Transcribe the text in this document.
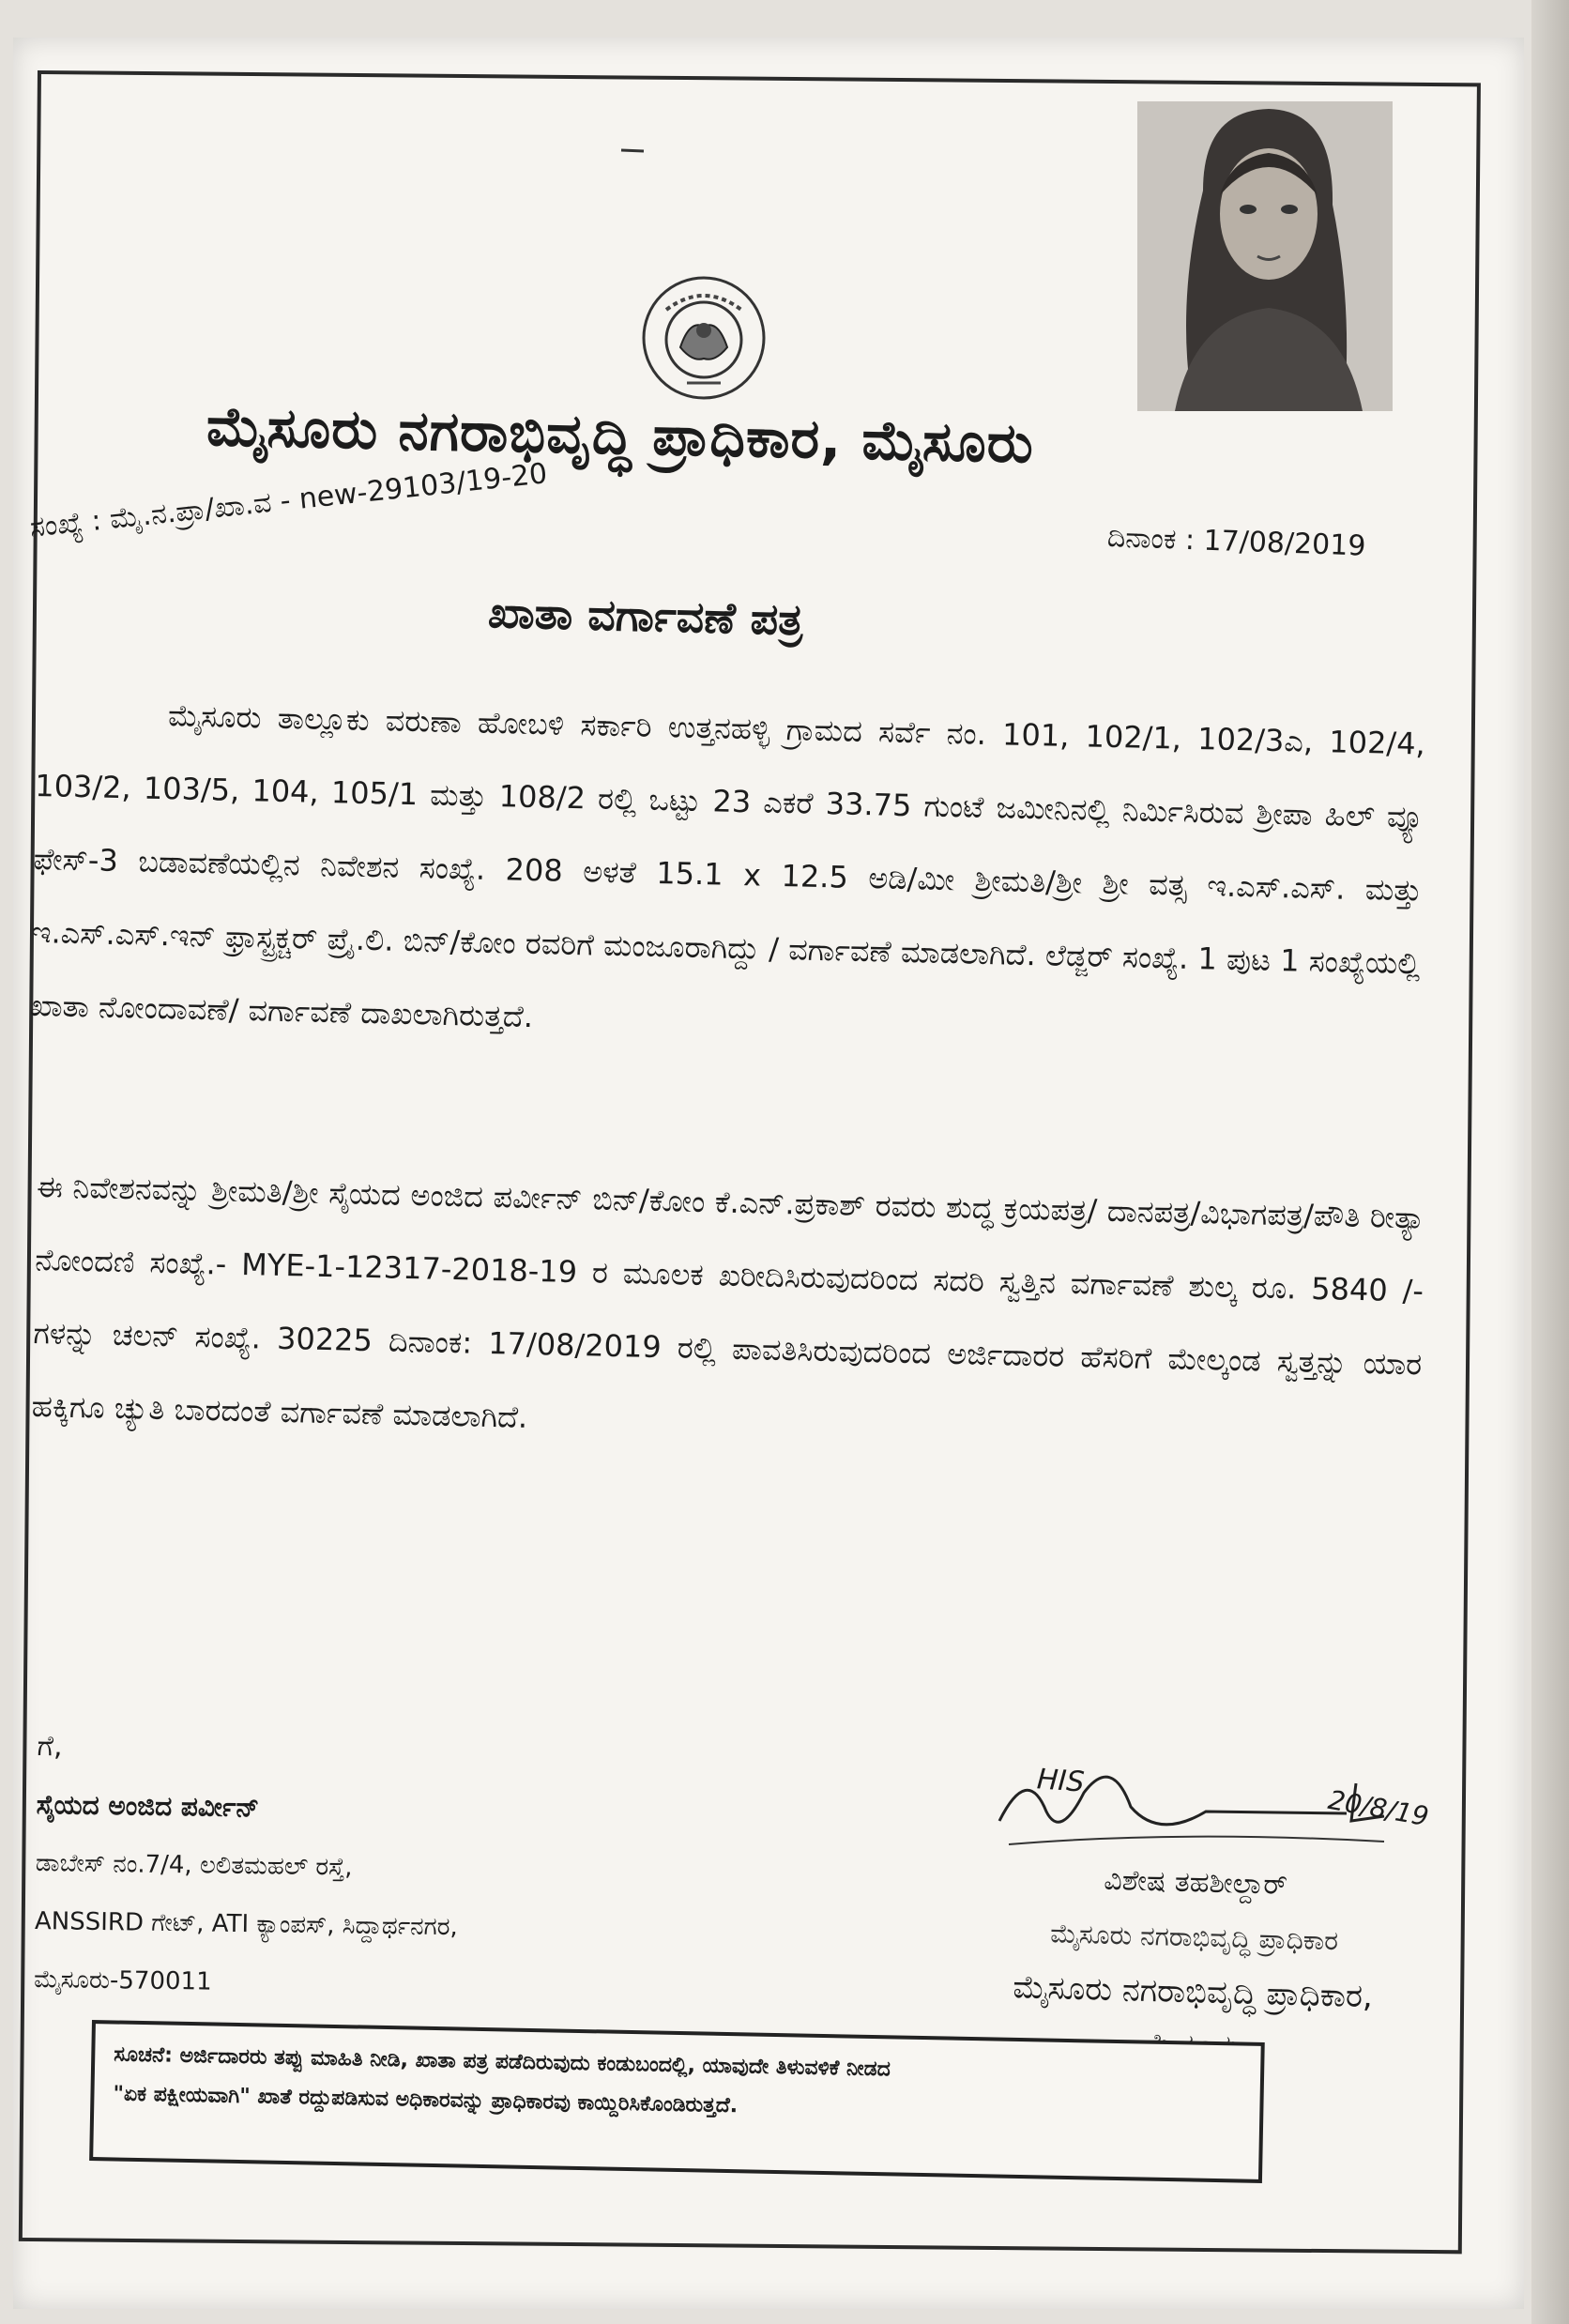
ಮೈಸೂರು ನಗರಾಭಿವೃದ್ಧಿ ಪ್ರಾಧಿಕಾರ, ಮೈಸೂರು
ಸಂಖ್ಯೆ : ಮೈ.ನ.ಪ್ರಾ/ಖಾ.ವ - new-29103/19-20	ದಿನಾಂಕ : 17/08/2019
ಖಾತಾ ವರ್ಗಾವಣೆ ಪತ್ರ
ಮೈಸೂರು ತಾಲ್ಲೂಕು ವರುಣಾ ಹೋಬಳಿ ಸರ್ಕಾರಿ ಉತ್ತನಹಳ್ಳಿ ಗ್ರಾಮದ ಸರ್ವೆ ನಂ. 101, 102/1, 102/3ಎ, 102/4, 103/2, 103/5, 104, 105/1 ಮತ್ತು 108/2 ರಲ್ಲಿ ಒಟ್ಟು 23 ಎಕರೆ 33.75 ಗುಂಟೆ ಜಮೀನಿನಲ್ಲಿ ನಿರ್ಮಿಸಿರುವ ಶ್ರೀಪಾ ಹಿಲ್ ವ್ಯೂ ಫೇಸ್-3 ಬಡಾವಣೆಯಲ್ಲಿನ ನಿವೇಶನ ಸಂಖ್ಯೆ. 208 ಅಳತೆ 15.1 x 12.5 ಅಡಿ/ಮೀ ಶ್ರೀಮತಿ/ಶ್ರೀ ಶ್ರೀ ವತ್ಸ ಇ.ಎಸ್.ಎಸ್. ಮತ್ತು ಇ.ಎಸ್.ಎಸ್.ಇನ್ ಫ್ರಾಸ್ಟ್ರಕ್ಚರ್ ಪ್ರೈ.ಲಿ. ಬಿನ್/ಕೋಂ ರವರಿಗೆ ಮಂಜೂರಾಗಿದ್ದು / ವರ್ಗಾವಣೆ ಮಾಡಲಾಗಿದೆ. ಲೆಡ್ಜರ್ ಸಂಖ್ಯೆ. 1 ಪುಟ 1 ಸಂಖ್ಯೆಯಲ್ಲಿ ಖಾತಾ ನೋಂದಾವಣೆ/ ವರ್ಗಾವಣೆ ದಾಖಲಾಗಿರುತ್ತದೆ.
ಈ ನಿವೇಶನವನ್ನು ಶ್ರೀಮತಿ/ಶ್ರೀ ಸೈಯದ ಅಂಜಿದ ಪರ್ವೀನ್ ಬಿನ್/ಕೋಂ ಕೆ.ಎನ್.ಪ್ರಕಾಶ್ ರವರು ಶುದ್ಧ ಕ್ರಯಪತ್ರ/ ದಾನಪತ್ರ/ವಿಭಾಗಪತ್ರ/ಪೌತಿ ರೀತ್ಯಾ ನೋಂದಣಿ ಸಂಖ್ಯೆ.- MYE-1-12317-2018-19 ರ ಮೂಲಕ ಖರೀದಿಸಿರುವುದರಿಂದ ಸದರಿ ಸ್ವತ್ತಿನ ವರ್ಗಾವಣೆ ಶುಲ್ಕ ರೂ. 5840 /- ಗಳನ್ನು ಚಲನ್ ಸಂಖ್ಯೆ. 30225 ದಿನಾಂಕ: 17/08/2019 ರಲ್ಲಿ ಪಾವತಿಸಿರುವುದರಿಂದ ಅರ್ಜಿದಾರರ ಹೆಸರಿಗೆ ಮೇಲ್ಕಂಡ ಸ್ವತ್ತನ್ನು ಯಾರ ಹಕ್ಕಿಗೂ ಚ್ಯುತಿ ಬಾರದಂತೆ ವರ್ಗಾವಣೆ ಮಾಡಲಾಗಿದೆ.
ಗೆ,
ಸೈಯದ ಅಂಜಿದ ಪರ್ವೀನ್
ಡಾಬೇಸ್ ನಂ.7/4, ಲಲಿತಮಹಲ್ ರಸ್ತೆ,
ANSSIRD ಗೇಟ್, ATI ಕ್ಯಾಂಪಸ್, ಸಿದ್ದಾರ್ಥನಗರ,
ಮೈಸೂರು-570011
HIS
20/8/19
ವಿಶೇಷ ತಹಶೀಲ್ದಾರ್
ಮೈಸೂರು ನಗರಾಭಿವೃದ್ಧಿ ಪ್ರಾಧಿಕಾರ
ಮೈಸೂರು ನಗರಾಭಿವೃದ್ಧಿ ಪ್ರಾಧಿಕಾರ,
ಸೂಚನೆ: ಅರ್ಜಿದಾರರು ತಪ್ಪು ಮಾಹಿತಿ ನೀಡಿ, ಖಾತಾ ಪತ್ರ ಪಡೆದಿರುವುದು ಕಂಡುಬಂದಲ್ಲಿ, ಯಾವುದೇ ತಿಳುವಳಿಕೆ ನೀಡದ
"ಏಕ ಪಕ್ಷೀಯವಾಗಿ" ಖಾತೆ ರದ್ದುಪಡಿಸುವ ಅಧಿಕಾರವನ್ನು ಪ್ರಾಧಿಕಾರವು ಕಾಯ್ದಿರಿಸಿಕೊಂಡಿರುತ್ತದೆ.
